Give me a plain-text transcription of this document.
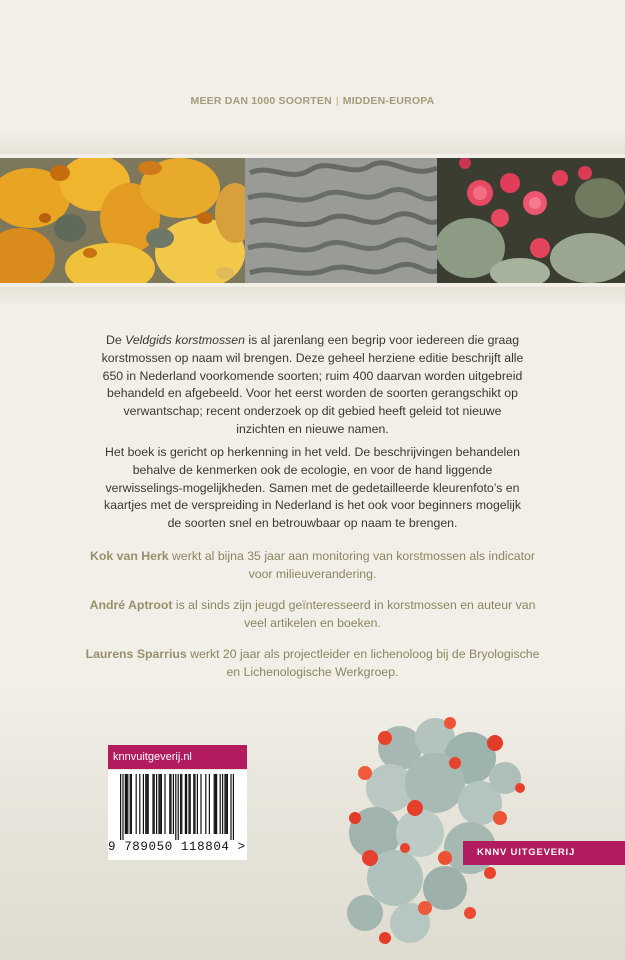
MEER DAN 1000 SOORTEN | MIDDEN-EUROPA
De Veldgids korstmossen is al jarenlang een begrip voor iedereen die graag korstmossen op naam wil brengen. Deze geheel herziene editie beschrijft alle 650 in Nederland voorkomende soorten; ruim 400 daarvan worden uitgebreid behandeld en afgebeeld. Voor het eerst worden de soorten gerangschikt op verwantschap; recent onderzoek op dit gebied heeft geleid tot nieuwe inzichten en nieuwe namen.
Het boek is gericht op herkenning in het veld. De beschrijvingen behandelen behalve de kenmerken ook de ecologie, en voor de hand liggende verwisselings-mogelijkheden. Samen met de gedetailleerde kleurenfoto’s en kaartjes met de verspreiding in Nederland is het ook voor beginners mogelijk de soorten snel en betrouwbaar op naam te brengen.
Kok van Herk werkt al bijna 35 jaar aan monitoring van korstmossen als indicator voor milieuverandering.
André Aptroot is al sinds zijn jeugd geïnteresseerd in korstmossen en auteur van veel artikelen en boeken.
Laurens Sparrius werkt 20 jaar als projectleider en lichenoloog bij de Bryologische en Lichenologische Werkgroep.
knnvuitgeverij.nl
9 789050 118804 >	KNNV UITGEVERIJ
